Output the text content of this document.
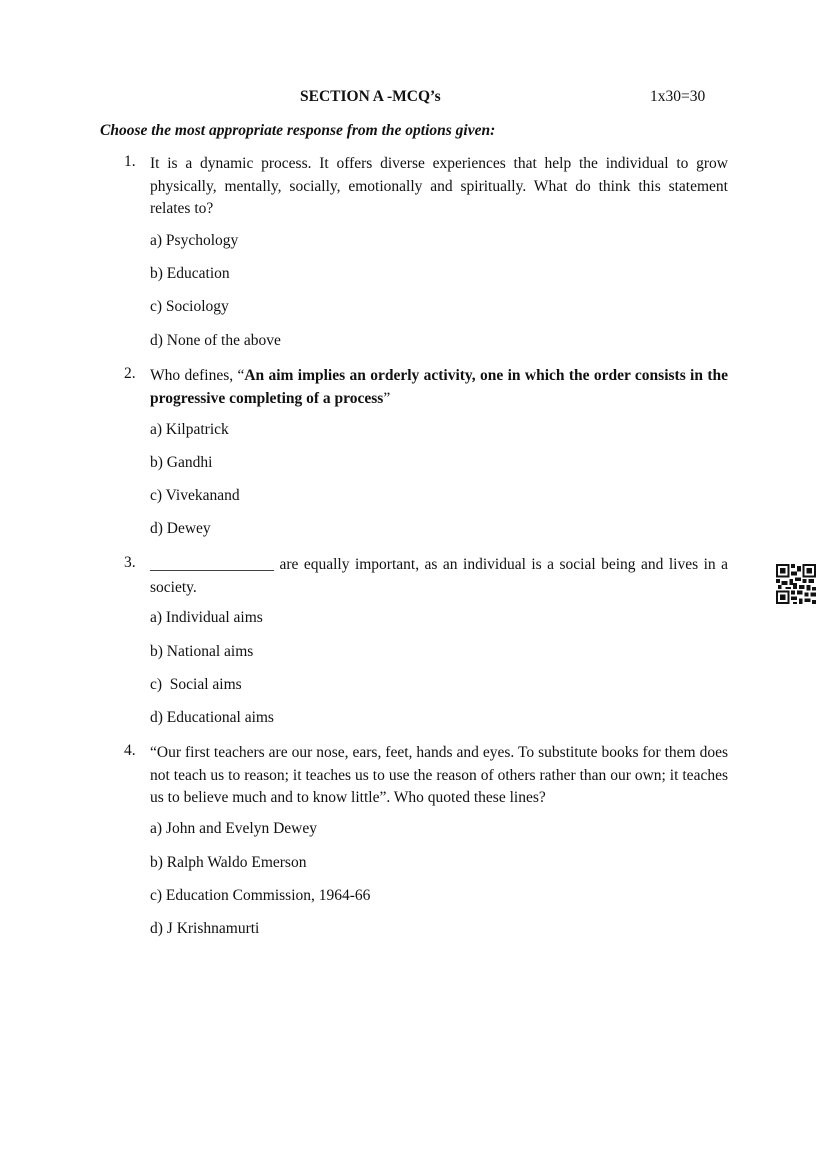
SECTION A -MCQ’s	1x30=30
Choose the most appropriate response from the options given:
1. It is a dynamic process. It offers diverse experiences that help the individual to grow physically, mentally, socially, emotionally and spiritually. What do think this statement relates to?
a) Psychology
b) Education
c) Sociology
d) None of the above
2. Who defines, “An aim implies an orderly activity, one in which the order consists in the progressive completing of a process”
a) Kilpatrick
b) Gandhi
c) Vivekanand
d) Dewey
3. ________________ are equally important, as an individual is a social being and lives in a society.
a) Individual aims
b) National aims
c)  Social aims
d) Educational aims
4. “Our first teachers are our nose, ears, feet, hands and eyes. To substitute books for them does not teach us to reason; it teaches us to use the reason of others rather than our own; it teaches us to believe much and to know little”. Who quoted these lines?
a) John and Evelyn Dewey
b) Ralph Waldo Emerson
c) Education Commission, 1964-66
d) J Krishnamurti
